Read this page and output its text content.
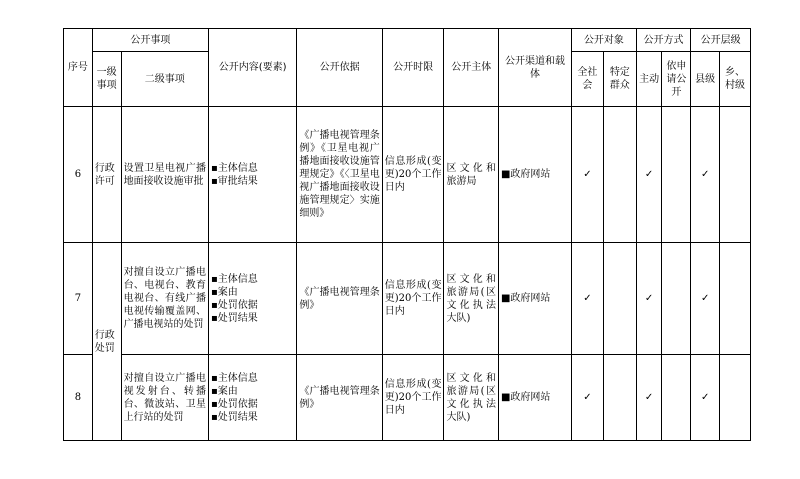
序号	公开事项		公开内容(要素)	公开依据	公开时限	公开主体	公开渠道和载体	公开对象		公开方式		公开层级	
	一级事项	二级事项						全社会	特定群众	主动	依申请公开	县级	乡、村级

6	行政许可	设置卫星电视广播地面接收设施审批	▪主体信息
▪审批结果	《广播电视管理条例》《卫星电视广播地面接收设施管理规定》《〈卫星电视广播地面接收设施管理规定〉实施细则》	信息形成(变更)20个工作日内	区文化和旅游局	■政府网站	✓		✓		✓	
7	行政处罚	对擅自设立广播电台、电视台、教育电视台、有线广播电视传输覆盖网、广播电视站的处罚	▪主体信息
▪案由
▪处罚依据
▪处罚结果	《广播电视管理条例》	信息形成(变更)20个工作日内	区文化和旅游局(区文化执法大队)	■政府网站	✓		✓		✓	
8		对擅自设立广播电视发射台、转播台、微波站、卫星上行站的处罚	▪主体信息
▪案由
▪处罚依据
▪处罚结果	《广播电视管理条例》	信息形成(变更)20个工作日内	区文化和旅游局(区文化执法大队)	■政府网站	✓		✓		✓	
